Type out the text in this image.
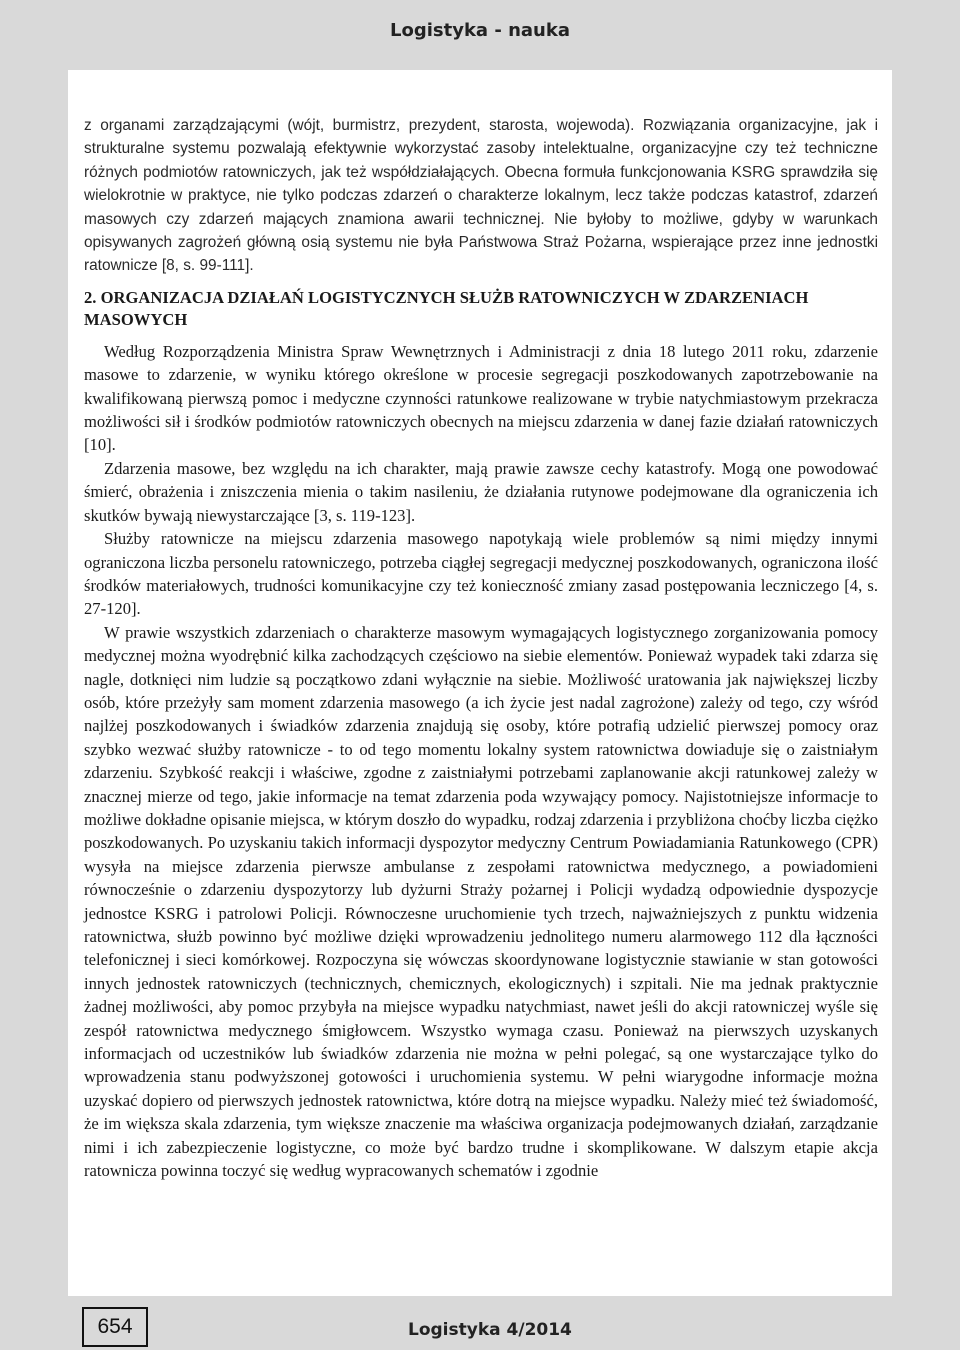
Logistyka - nauka

z organami zarządzającymi (wójt, burmistrz, prezydent, starosta, wojewoda). Rozwiązania organizacyjne, jak i strukturalne systemu pozwalają efektywnie wykorzystać zasoby intelektualne, organizacyjne czy też techniczne różnych podmiotów ratowniczych, jak też współdziałających. Obecna formuła funkcjonowania KSRG sprawdziła się wielokrotnie w praktyce, nie tylko podczas zdarzeń o charakterze lokalnym, lecz także podczas katastrof, zdarzeń masowych czy zdarzeń mających znamiona awarii technicznej. Nie byłoby to możliwe, gdyby w warunkach opisywanych zagrożeń główną osią systemu nie była Państwowa Straż Pożarna, wspierające przez inne jednostki ratownicze [8, s. 99-111].

2. ORGANIZACJA DZIAŁAŃ LOGISTYCZNYCH SŁUŻB RATOWNICZYCH W ZDARZENIACH MASOWYCH

Według Rozporządzenia Ministra Spraw Wewnętrznych i Administracji z dnia 18 lutego 2011 roku, zdarzenie masowe to zdarzenie, w wyniku którego określone w procesie segregacji poszkodowanych zapotrzebowanie na kwalifikowaną pierwszą pomoc i medyczne czynności ratunkowe realizowane w trybie natychmiastowym przekracza możliwości sił i środków podmiotów ratowniczych obecnych na miejscu zdarzenia w danej fazie działań ratowniczych [10].

Zdarzenia masowe, bez względu na ich charakter, mają prawie zawsze cechy katastrofy. Mogą one powodować śmierć, obrażenia i zniszczenia mienia o takim nasileniu, że działania rutynowe podejmowane dla ograniczenia ich skutków bywają niewystarczające [3, s. 119-123].

Służby ratownicze na miejscu zdarzenia masowego napotykają wiele problemów są nimi między innymi ograniczona liczba personelu ratowniczego, potrzeba ciągłej segregacji medycznej poszkodowanych, ograniczona ilość środków materiałowych, trudności komunikacyjne czy też konieczność zmiany zasad postępowania leczniczego [4, s. 27-120].

W prawie wszystkich zdarzeniach o charakterze masowym wymagających logistycznego zorganizowania pomocy medycznej można wyodrębnić kilka zachodzących częściowo na siebie elementów. Ponieważ wypadek taki zdarza się nagle, dotknięci nim ludzie są początkowo zdani wyłącznie na siebie. Możliwość uratowania jak największej liczby osób, które przeżyły sam moment zdarzenia masowego (a ich życie jest nadal zagrożone) zależy od tego, czy wśród najlżej poszkodowanych i świadków zdarzenia znajdują się osoby, które potrafią udzielić pierwszej pomocy oraz szybko wezwać służby ratownicze - to od tego momentu lokalny system ratownictwa dowiaduje się o zaistniałym zdarzeniu. Szybkość reakcji i właściwe, zgodne z zaistniałymi potrzebami zaplanowanie akcji ratunkowej zależy w znacznej mierze od tego, jakie informacje na temat zdarzenia poda wzywający pomocy. Najistotniejsze informacje to możliwe dokładne opisanie miejsca, w którym doszło do wypadku, rodzaj zdarzenia i przybliżona choćby liczba ciężko poszkodowanych. Po uzyskaniu takich informacji dyspozytor medyczny Centrum Powiadamiania Ratunkowego (CPR) wysyła na miejsce zdarzenia pierwsze ambulanse z zespołami ratownictwa medycznego, a powiadomieni równocześnie o zdarzeniu dyspozytorzy lub dyżurni Straży pożarnej i Policji wydadzą odpowiednie dyspozycje jednostce KSRG i patrolowi Policji. Równoczesne uruchomienie tych trzech, najważniejszych z punktu widzenia ratownictwa, służb powinno być możliwe dzięki wprowadzeniu jednolitego numeru alarmowego 112 dla łączności telefonicznej i sieci komórkowej. Rozpoczyna się wówczas skoordynowane logistycznie stawianie w stan gotowości innych jednostek ratowniczych (technicznych, chemicznych, ekologicznych) i szpitali. Nie ma jednak praktycznie żadnej możliwości, aby pomoc przybyła na miejsce wypadku natychmiast, nawet jeśli do akcji ratowniczej wyśle się zespół ratownictwa medycznego śmigłowcem. Wszystko wymaga czasu. Ponieważ na pierwszych uzyskanych informacjach od uczestników lub świadków zdarzenia nie można w pełni polegać, są one wystarczające tylko do wprowadzenia stanu podwyższonej gotowości i uruchomienia systemu. W pełni wiarygodne informacje można uzyskać dopiero od pierwszych jednostek ratownictwa, które dotrą na miejsce wypadku. Należy mieć też świadomość, że im większa skala zdarzenia, tym większe znaczenie ma właściwa organizacja podejmowanych działań, zarządzanie nimi i ich zabezpieczenie logistyczne, co może być bardzo trudne i skomplikowane. W dalszym etapie akcja ratownicza powinna toczyć się według wypracowanych schematów i zgodnie

654	Logistyka 4/2014
